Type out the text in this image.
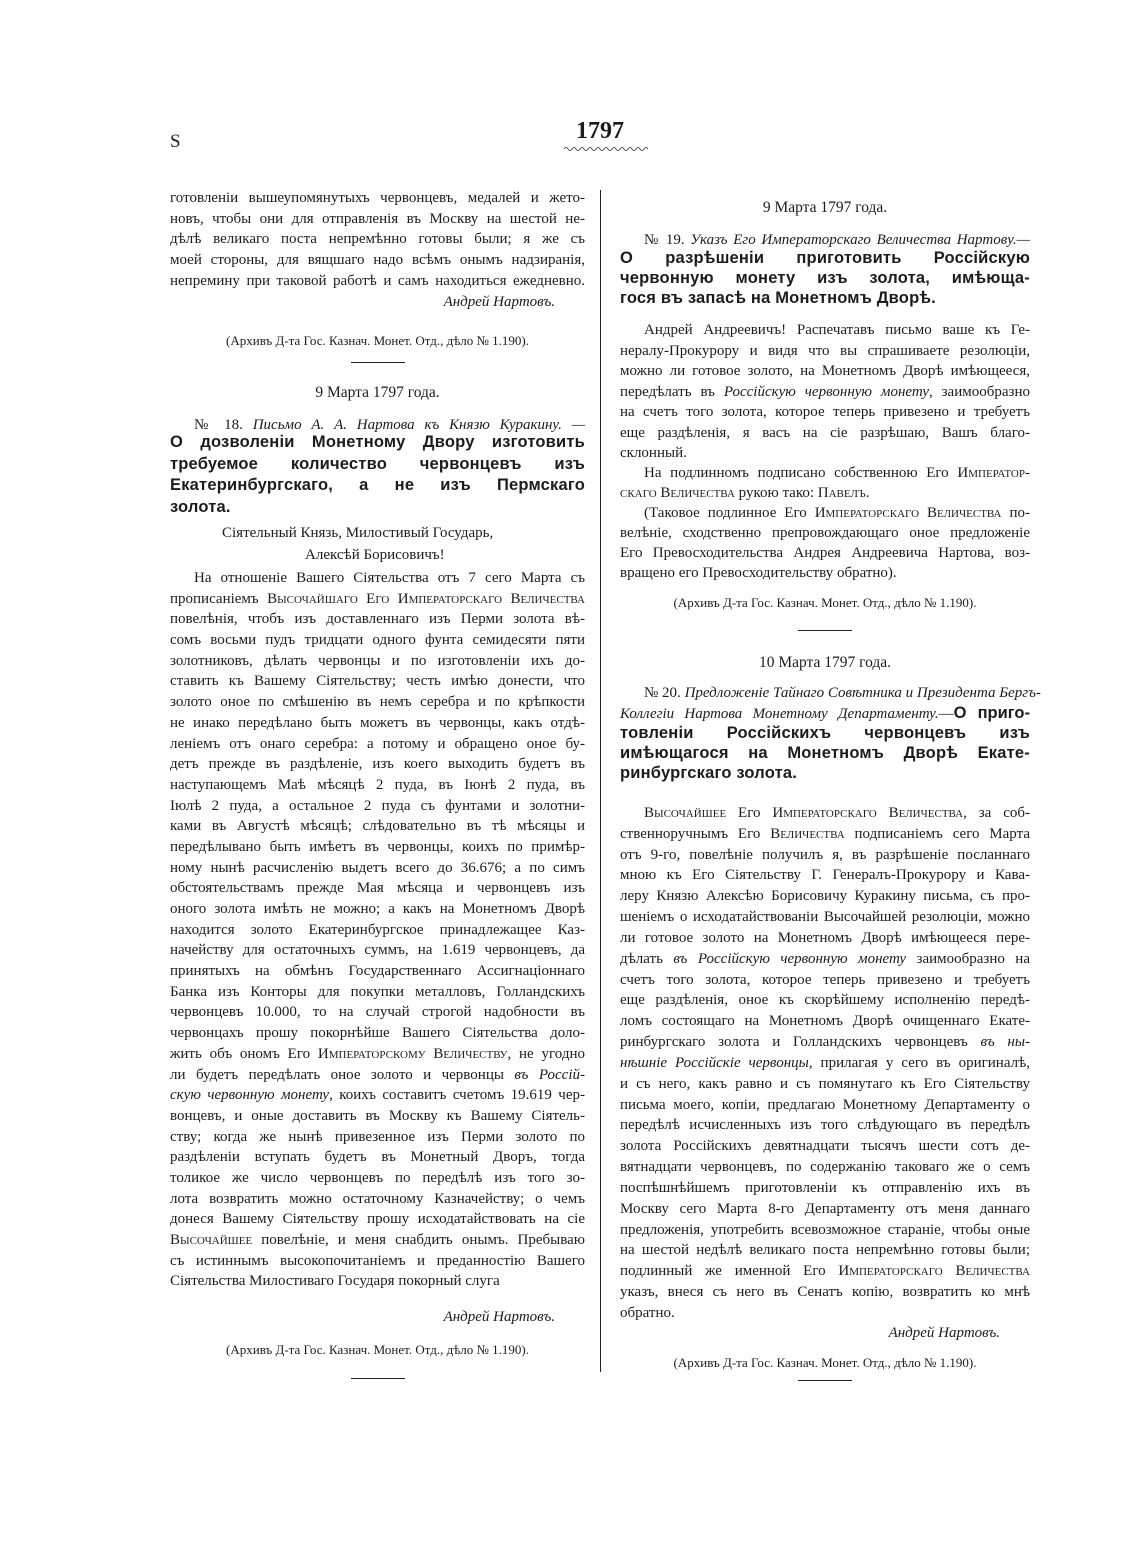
S	1797
готовленіи вышеупомянутыхъ червонцевъ, медалей и жето-
новъ, чтобы они для отправленія въ Москву на шестой не-
дѣлѣ великаго поста непремѣнно готовы были; я же съ
моей стороны, для вящшаго надо всѣмъ онымъ надзиранія,
непремину при таковой работѣ и самъ находиться ежедневно.
Андрей Нартовъ.
(Архивъ Д-та Гос. Казнач. Монет. Отд., дѣло № 1.190).
9 Марта 1797 года.
№ 18. Письмо А. А. Нартова къ Князю Куракину. —
О дозволеніи Монетному Двору изготовить
требуемое количество червонцевъ изъ
Екатеринбургскаго, а не изъ Пермскаго
золота.
Сіятельный Князь, Милостивый Государь,
Алексѣй Борисовичъ!
На отношеніе Вашего Сіятельства отъ 7 сего Марта съ
прописаніемъ Высочайшаго Его Императорскаго Величества
повелѣнія, чтобъ изъ доставленнаго изъ Перми золота вѣ-
сомъ восьми пудъ тридцати одного фунта семидесяти пяти
золотниковъ, дѣлать червонцы и по изготовленіи ихъ до-
ставить къ Вашему Сіятельству; честь имѣю донести, что
золото оное по смѣшенію въ немъ серебра и по крѣпкости
не инако передѣлано быть можетъ въ червонцы, какъ отдѣ-
леніемъ отъ онаго серебра: а потому и обращено оное бу-
детъ прежде въ раздѣленіе, изъ коего выходить будетъ въ
наступающемъ Маѣ мѣсяцѣ 2 пуда, въ Іюнѣ 2 пуда, въ
Іюлѣ 2 пуда, а остальное 2 пуда съ фунтами и золотни-
ками въ Августѣ мѣсяцѣ; слѣдовательно въ тѣ мѣсяцы и
передѣлывано быть имѣетъ въ червонцы, коихъ по примѣр-
ному нынѣ расчисленію выдетъ всего до 36.676; а по симъ
обстоятельствамъ прежде Мая мѣсяца и червонцевъ изъ
оного золота имѣть не можно; а какъ на Монетномъ Дворѣ
находится золото Екатеринбургское принадлежащее Каз-
начейству для остаточныхъ суммъ, на 1.619 червонцевъ, да
принятыхъ на обмѣнъ Государственнаго Ассигнаціоннаго
Банка изъ Конторы для покупки металловъ, Голландскихъ
червонцевъ 10.000, то на случай строгой надобности въ
червонцахъ прошу покорнѣйше Вашего Сіятельства доло-
жить объ ономъ Его Императорскому Величеству, не угодно
ли будетъ передѣлать оное золото и червонцы въ Россій-
скую червонную монету, коихъ составитъ счетомъ 19.619 чер-
вонцевъ, и оные доставить въ Москву къ Вашему Сіятель-
ству; когда же нынѣ привезенное изъ Перми золото по
раздѣленіи вступать будетъ въ Монетный Дворъ, тогда
толикое же число червонцевъ по передѣлѣ изъ того зо-
лота возвратить можно остаточному Казначейству; о чемъ
донеся Вашему Сіятельству прошу исходатайствовать на сіе
Высочайшее повелѣніе, и меня снабдить онымъ. Пребываю
съ истиннымъ высокопочитаніемъ и преданностію Вашего
Сіятельства Милостиваго Государя покорный слуга
Андрей Нартовъ.
(Архивъ Д-та Гос. Казнач. Монет. Отд., дѣло № 1.190).
9 Марта 1797 года.
№ 19. Указъ Его Императорскаго Величества Нартову.—
О разрѣшеніи приготовить Россійскую
червонную монету изъ золота, имѣюща-
гося въ запасѣ на Монетномъ Дворѣ.
Андрей Андреевичъ! Распечатавъ письмо ваше къ Ге-
нералу-Прокурору и видя что вы спрашиваете резолюціи,
можно ли готовое золото, на Монетномъ Дворѣ имѣющееся,
передѣлать въ Россійскую червонную монету, заимообразно
на счетъ того золота, которое теперь привезено и требуетъ
еще раздѣленія, я васъ на сіе разрѣшаю, Вашъ благо-
склонный.
На подлинномъ подписано собственною Его Император-
скаго Величества рукою тако: Павелъ.
(Таковое подлинное Его Императорскаго Величества по-
велѣніе, сходственно препровождающаго оное предложеніе
Его Превосходительства Андрея Андреевича Нартова, воз-
вращено его Превосходительству обратно).
(Архивъ Д-та Гос. Казнач. Монет. Отд., дѣло № 1.190).
10 Марта 1797 года.
№ 20. Предложеніе Тайнаго Совѣтника и Президента Бергъ-
Коллегіи Нартова Монетному Департаменту.—О приго-
товленіи Россійскихъ червонцевъ изъ
имѣющагося на Монетномъ Дворѣ Екате-
ринбургскаго золота.
Высочайшее Его Императорскаго Величества, за соб-
ственноручнымъ Его Величества подписаніемъ сего Марта
отъ 9-го, повелѣніе получилъ я, въ разрѣшеніе посланнаго
мною къ Его Сіятельству Г. Генералъ-Прокурору и Кава-
леру Князю Алексѣю Борисовичу Куракину письма, съ про-
шеніемъ о исходатайствованіи Высочайшей резолюціи, можно
ли готовое золото на Монетномъ Дворѣ имѣющееся пере-
дѣлать въ Россійскую червонную монету заимообразно на
счетъ того золота, которое теперь привезено и требуетъ
еще раздѣленія, оное къ скорѣйшему исполненію передѣ-
ломъ состоящаго на Монетномъ Дворѣ очищеннаго Екате-
ринбургскаго золота и Голландскихъ червонцевъ въ ны-
нѣшніе Россійскіе червонцы, прилагая у сего въ оригиналѣ,
и съ него, какъ равно и съ помянутаго къ Его Сіятельству
письма моего, копіи, предлагаю Монетному Департаменту о
передѣлѣ исчисленныхъ изъ того слѣдующаго въ передѣлъ
золота Россійскихъ девятнадцати тысячъ шести сотъ де-
вятнадцати червонцевъ, по содержанію таковаго же о семъ
поспѣшнѣйшемъ приготовленіи къ отправленію ихъ въ
Москву сего Марта 8-го Департаменту отъ меня даннаго
предложенія, употребить всевозможное стараніе, чтобы оные
на шестой недѣлѣ великаго поста непремѣнно готовы были;
подлинный же именной Его Императорскаго Величества
указъ, внеся съ него въ Сенатъ копію, возвратить ко мнѣ
обратно.
Андрей Нартовъ.
(Архивъ Д-та Гос. Казнач. Монет. Отд., дѣло № 1.190).
